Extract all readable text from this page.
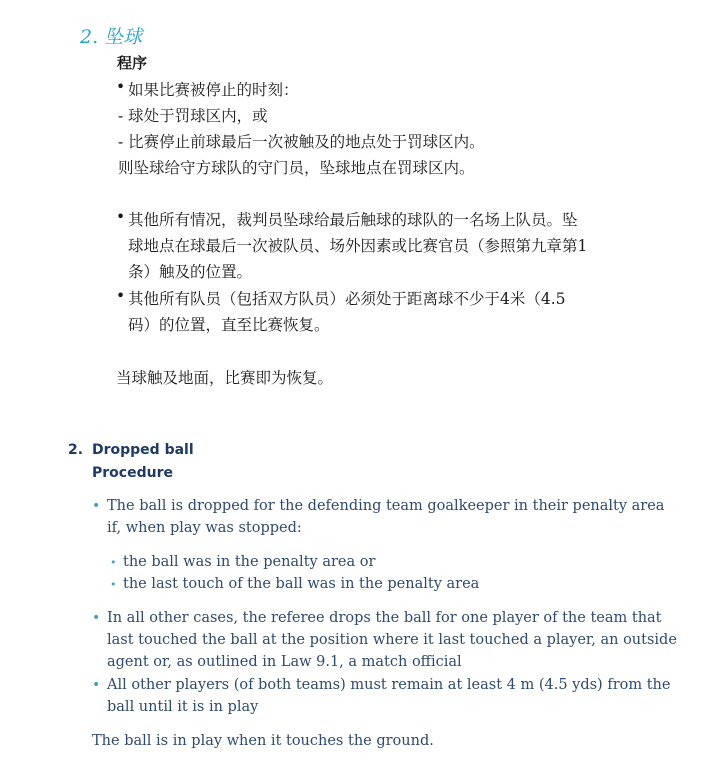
2. 坠球
程序
• 如果比赛被停止的时刻：
- 球处于罚球区内，或
- 比赛停止前球最后一次被触及的地点处于罚球区内。
则坠球给守方球队的守门员，坠球地点在罚球区内。
• 其他所有情况，裁判员坠球给最后触球的球队的一名场上队员。坠
球地点在球最后一次被队员、场外因素或比赛官员（参照第九章第1
条）触及的位置。
• 其他所有队员（包括双方队员）必须处于距离球不少于4米（4.5
码）的位置，直至比赛恢复。
当球触及地面，比赛即为恢复。
2. Dropped ball
Procedure
• The ball is dropped for the defending team goalkeeper in their penalty area
if, when play was stopped:
• the ball was in the penalty area or
• the last touch of the ball was in the penalty area
• In all other cases, the referee drops the ball for one player of the team that
last touched the ball at the position where it last touched a player, an outside
agent or, as outlined in Law 9.1, a match official
• All other players (of both teams) must remain at least 4 m (4.5 yds) from the
ball until it is in play
The ball is in play when it touches the ground.
